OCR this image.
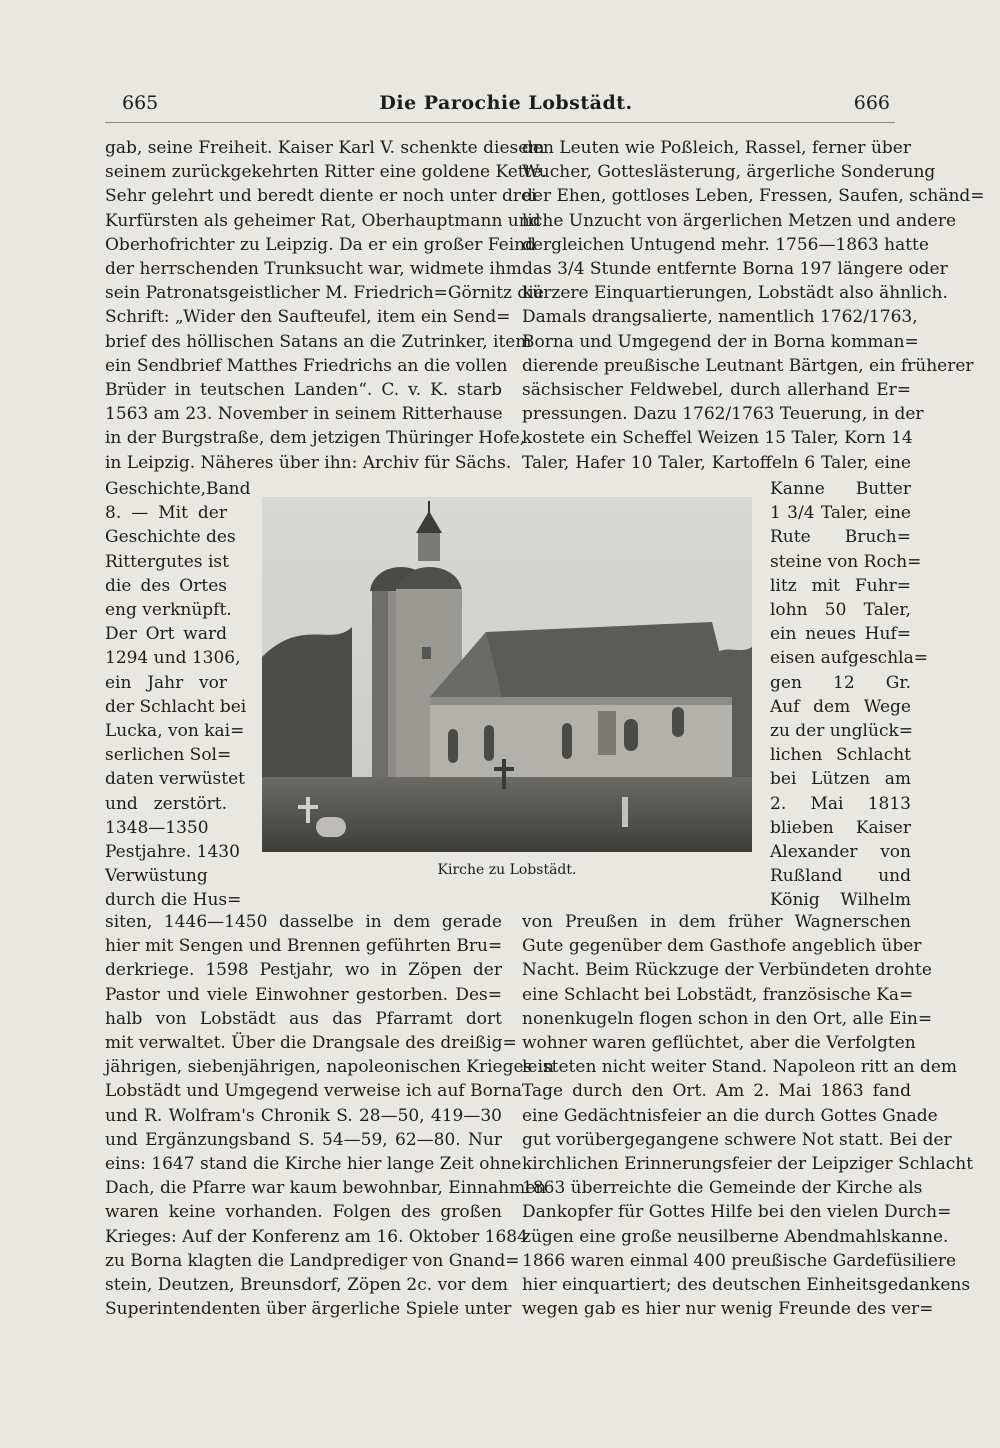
665	Die Parochie Lobstädt.	666
gab, seine Freiheit. Kaiser Karl V. schenkte diesem
seinem zurückgekehrten Ritter eine goldene Kette.
Sehr gelehrt und beredt diente er noch unter drei
Kurfürsten als geheimer Rat, Oberhauptmann und
Oberhofrichter zu Leipzig. Da er ein großer Feind
der herrschenden Trunksucht war, widmete ihm
sein Patronatsgeistlicher M. Friedrich=Görnitz die
Schrift: „Wider den Saufteufel, item ein Send=
brief des höllischen Satans an die Zutrinker, item
ein Sendbrief Matthes Friedrichs an die vollen
Brüder in teutschen Landen“. C. v. K. starb
1563 am 23. November in seinem Ritterhause
in der Burgstraße, dem jetzigen Thüringer Hofe,
in Leipzig. Näheres über ihn: Archiv für Sächs.
Geschichte,Band
8. — Mit der
Geschichte des
Rittergutes ist
die des Ortes
eng verknüpft.
Der Ort ward
1294 und 1306,
ein Jahr vor
der Schlacht bei
Lucka, von kai=
serlichen Sol=
daten verwüstet
und zerstört.
1348—1350
Pestjahre. 1430
Verwüstung
durch die Hus=
siten, 1446—1450 dasselbe in dem gerade
hier mit Sengen und Brennen geführten Bru=
derkriege. 1598 Pestjahr, wo in Zöpen der
Pastor und viele Einwohner gestorben. Des=
halb von Lobstädt aus das Pfarramt dort
mit verwaltet. Über die Drangsale des dreißig=
jährigen, siebenjährigen, napoleonischen Krieges in
Lobstädt und Umgegend verweise ich auf Borna
und R. Wolfram's Chronik S. 28—50, 419—30
und Ergänzungsband S. 54—59, 62—80. Nur
eins: 1647 stand die Kirche hier lange Zeit ohne
Dach, die Pfarre war kaum bewohnbar, Einnahmen
waren keine vorhanden. Folgen des großen
Krieges: Auf der Konferenz am 16. Oktober 1684
zu Borna klagten die Landprediger von Gnand=
stein, Deutzen, Breunsdorf, Zöpen 2c. vor dem
Superintendenten über ärgerliche Spiele unter
den Leuten wie Poßleich, Rassel, ferner über
Wucher, Gotteslästerung, ärgerliche Sonderung
der Ehen, gottloses Leben, Fressen, Saufen, schänd=
liche Unzucht von ärgerlichen Metzen und andere
dergleichen Untugend mehr. 1756—1863 hatte
das 3/4 Stunde entfernte Borna 197 längere oder
kürzere Einquartierungen, Lobstädt also ähnlich.
Damals drangsalierte, namentlich 1762/1763,
Borna und Umgegend der in Borna komman=
dierende preußische Leutnant Bärtgen, ein früherer
sächsischer Feldwebel, durch allerhand Er=
pressungen. Dazu 1762/1763 Teuerung, in der
kostete ein Scheffel Weizen 15 Taler, Korn 14
Taler, Hafer 10 Taler, Kartoffeln 6 Taler, eine
Kanne Butter
1 3/4 Taler, eine
Rute Bruch=
steine von Roch=
litz mit Fuhr=
lohn 50 Taler,
ein neues Huf=
eisen aufgeschla=
gen 12 Gr.
Auf dem Wege
zu der unglück=
lichen Schlacht
bei Lützen am
2. Mai 1813
blieben Kaiser
Alexander von
Rußland und
König Wilhelm
von Preußen in dem früher Wagnerschen
Gute gegenüber dem Gasthofe angeblich über
Nacht. Beim Rückzuge der Verbündeten drohte
eine Schlacht bei Lobstädt, französische Ka=
nonenkugeln flogen schon in den Ort, alle Ein=
wohner waren geflüchtet, aber die Verfolgten
leisteten nicht weiter Stand. Napoleon ritt an dem
Tage durch den Ort. Am 2. Mai 1863 fand
eine Gedächtnisfeier an die durch Gottes Gnade
gut vorübergegangene schwere Not statt. Bei der
kirchlichen Erinnerungsfeier der Leipziger Schlacht
1863 überreichte die Gemeinde der Kirche als
Dankopfer für Gottes Hilfe bei den vielen Durch=
zügen eine große neusilberne Abendmahlskanne.
1866 waren einmal 400 preußische Gardefüsiliere
hier einquartiert; des deutschen Einheitsgedankens
wegen gab es hier nur wenig Freunde des ver=
Kirche zu Lobstädt.
